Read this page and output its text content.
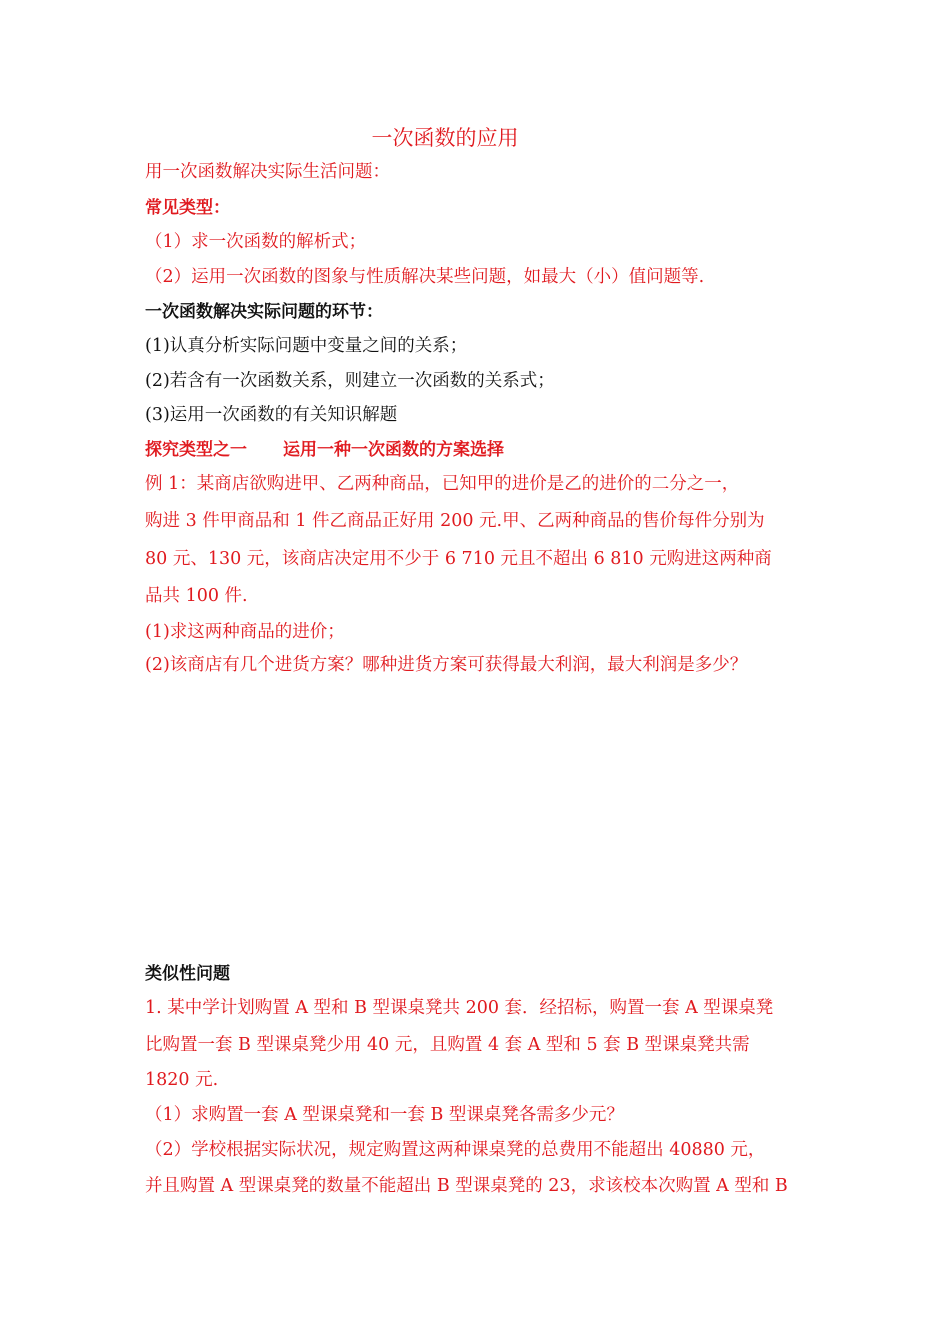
一次函数的应用
用一次函数解决实际生活问题：
常见类型：
（1）求一次函数的解析式；
（2）运用一次函数的图象与性质解决某些问题，如最大（小）值问题等.
一次函数解决实际问题的环节：
(1)认真分析实际问题中变量之间的关系；
(2)若含有一次函数关系，则建立一次函数的关系式；
(3)运用一次函数的有关知识解题
探究类型之一 运用一种一次函数的方案选择
例 1：某商店欲购进甲、乙两种商品，已知甲的进价是乙的进价的二分之一，
购进 3 件甲商品和 1 件乙商品正好用 200 元.甲、乙两种商品的售价每件分别为
80 元、130 元，该商店决定用不少于 6 710 元且不超出 6 810 元购进这两种商
品共 100 件.
(1)求这两种商品的进价；
(2)该商店有几个进货方案？哪种进货方案可获得最大利润，最大利润是多少？
类似性问题
1. 某中学计划购置 A 型和 B 型课桌凳共 200 套．经招标，购置一套 A 型课桌凳
比购置一套 B 型课桌凳少用 40 元，且购置 4 套 A 型和 5 套 B 型课桌凳共需
1820 元.
（1）求购置一套 A 型课桌凳和一套 B 型课桌凳各需多少元？
（2）学校根据实际状况，规定购置这两种课桌凳的总费用不能超出 40880 元，
并且购置 A 型课桌凳的数量不能超出 B 型课桌凳的 23，求该校本次购置 A 型和 B
